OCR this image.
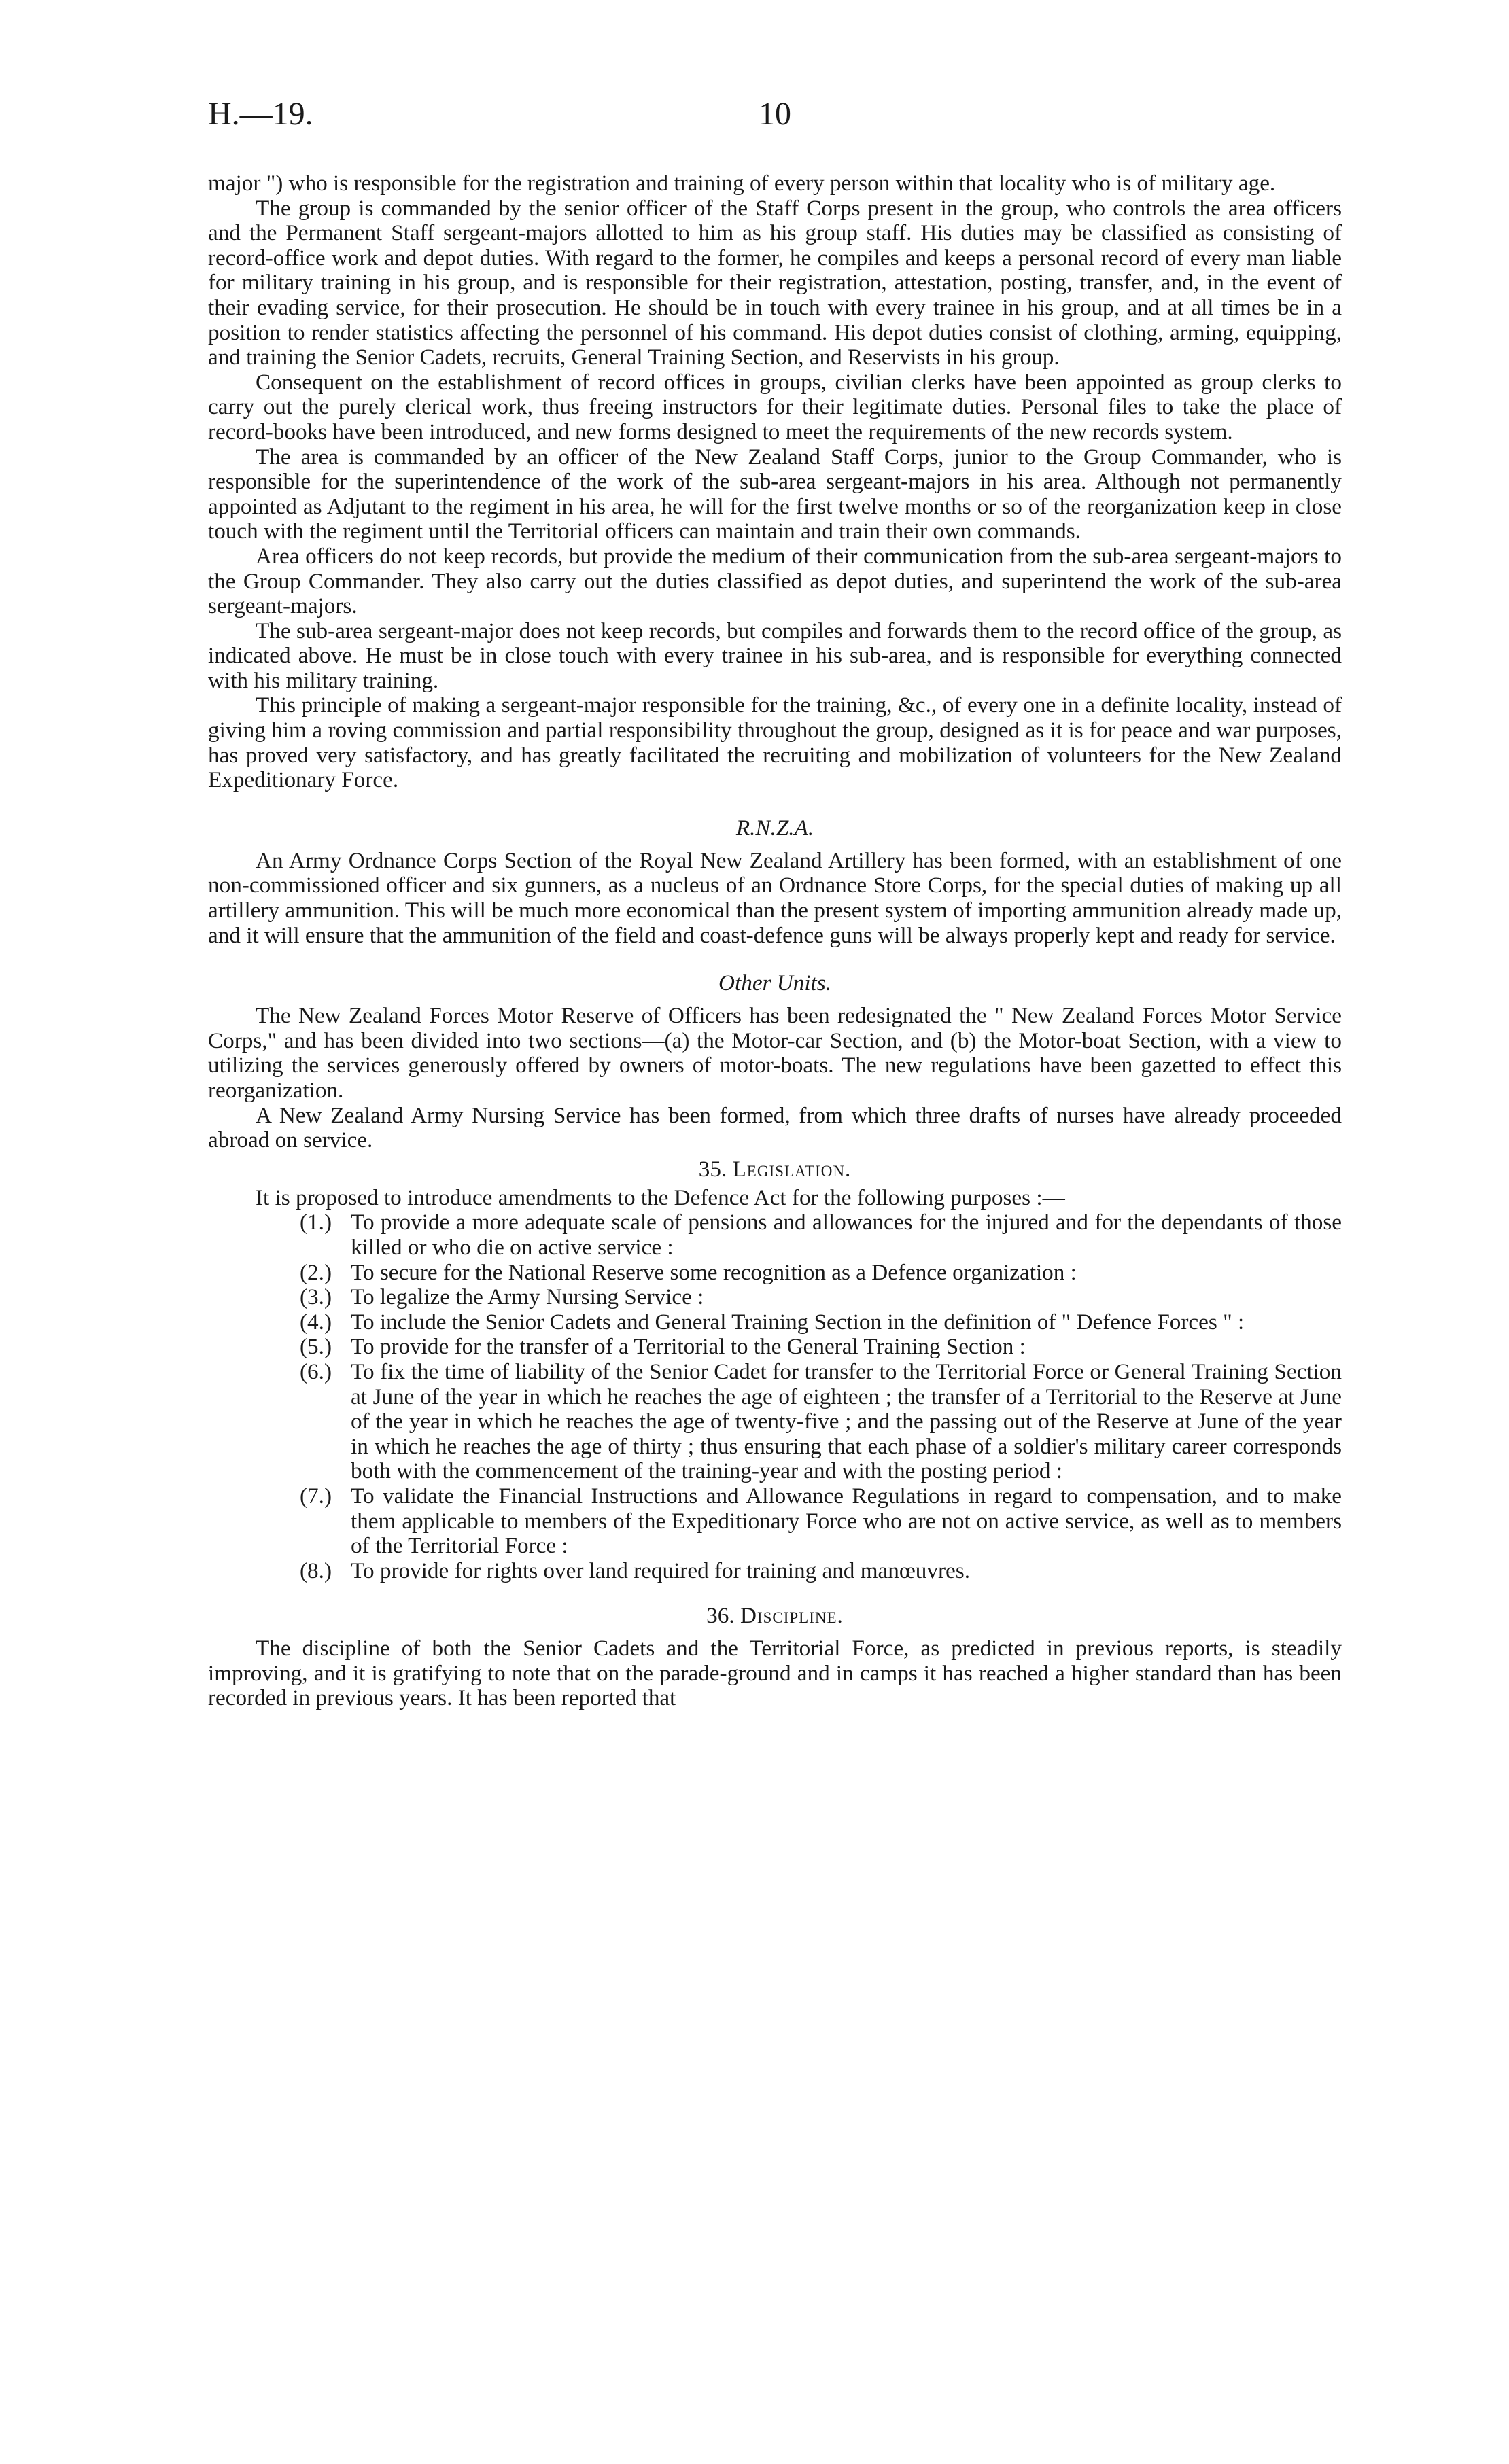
H.—19.	10

major ") who is responsible for the registration and training of every person within that locality who is of military age.

The group is commanded by the senior officer of the Staff Corps present in the group, who controls the area officers and the Permanent Staff sergeant-majors allotted to him as his group staff. His duties may be classified as consisting of record-office work and depot duties. With regard to the former, he compiles and keeps a personal record of every man liable for military training in his group, and is responsible for their registration, attestation, posting, transfer, and, in the event of their evading service, for their prosecution. He should be in touch with every trainee in his group, and at all times be in a position to render statistics affecting the personnel of his command. His depot duties consist of clothing, arming, equipping, and training the Senior Cadets, recruits, General Training Section, and Reservists in his group.

Consequent on the establishment of record offices in groups, civilian clerks have been appointed as group clerks to carry out the purely clerical work, thus freeing instructors for their legitimate duties. Personal files to take the place of record-books have been introduced, and new forms designed to meet the requirements of the new records system.

The area is commanded by an officer of the New Zealand Staff Corps, junior to the Group Commander, who is responsible for the superintendence of the work of the sub-area sergeant-majors in his area. Although not permanently appointed as Adjutant to the regiment in his area, he will for the first twelve months or so of the reorganization keep in close touch with the regiment until the Territorial officers can maintain and train their own commands.

Area officers do not keep records, but provide the medium of their communication from the sub-area sergeant-majors to the Group Commander. They also carry out the duties classified as depot duties, and superintend the work of the sub-area sergeant-majors.

The sub-area sergeant-major does not keep records, but compiles and forwards them to the record office of the group, as indicated above. He must be in close touch with every trainee in his sub-area, and is responsible for everything connected with his military training.

This principle of making a sergeant-major responsible for the training, &c., of every one in a definite locality, instead of giving him a roving commission and partial responsibility throughout the group, designed as it is for peace and war purposes, has proved very satisfactory, and has greatly facilitated the recruiting and mobilization of volunteers for the New Zealand Expeditionary Force.

R.N.Z.A.

An Army Ordnance Corps Section of the Royal New Zealand Artillery has been formed, with an establishment of one non-commissioned officer and six gunners, as a nucleus of an Ordnance Store Corps, for the special duties of making up all artillery ammunition. This will be much more economical than the present system of importing ammunition already made up, and it will ensure that the ammunition of the field and coast-defence guns will be always properly kept and ready for service.

Other Units.

The New Zealand Forces Motor Reserve of Officers has been redesignated the " New Zealand Forces Motor Service Corps," and has been divided into two sections—(a) the Motor-car Section, and (b) the Motor-boat Section, with a view to utilizing the services generously offered by owners of motor-boats. The new regulations have been gazetted to effect this reorganization.

A New Zealand Army Nursing Service has been formed, from which three drafts of nurses have already proceeded abroad on service.

35. Legislation.

It is proposed to introduce amendments to the Defence Act for the following purposes :—

(1.) To provide a more adequate scale of pensions and allowances for the injured and for the dependants of those killed or who die on active service :
(2.) To secure for the National Reserve some recognition as a Defence organization :
(3.) To legalize the Army Nursing Service :
(4.) To include the Senior Cadets and General Training Section in the definition of " Defence Forces " :
(5.) To provide for the transfer of a Territorial to the General Training Section :
(6.) To fix the time of liability of the Senior Cadet for transfer to the Territorial Force or General Training Section at June of the year in which he reaches the age of eighteen ; the transfer of a Territorial to the Reserve at June of the year in which he reaches the age of twenty-five ; and the passing out of the Reserve at June of the year in which he reaches the age of thirty ; thus ensuring that each phase of a soldier's military career corresponds both with the commencement of the training-year and with the posting period :
(7.) To validate the Financial Instructions and Allowance Regulations in regard to compensation, and to make them applicable to members of the Expeditionary Force who are not on active service, as well as to members of the Territorial Force :
(8.) To provide for rights over land required for training and manœuvres.
36. Discipline.

The discipline of both the Senior Cadets and the Territorial Force, as predicted in previous reports, is steadily improving, and it is gratifying to note that on the parade-ground and in camps it has reached a higher standard than has been recorded in previous years. It has been reported that
